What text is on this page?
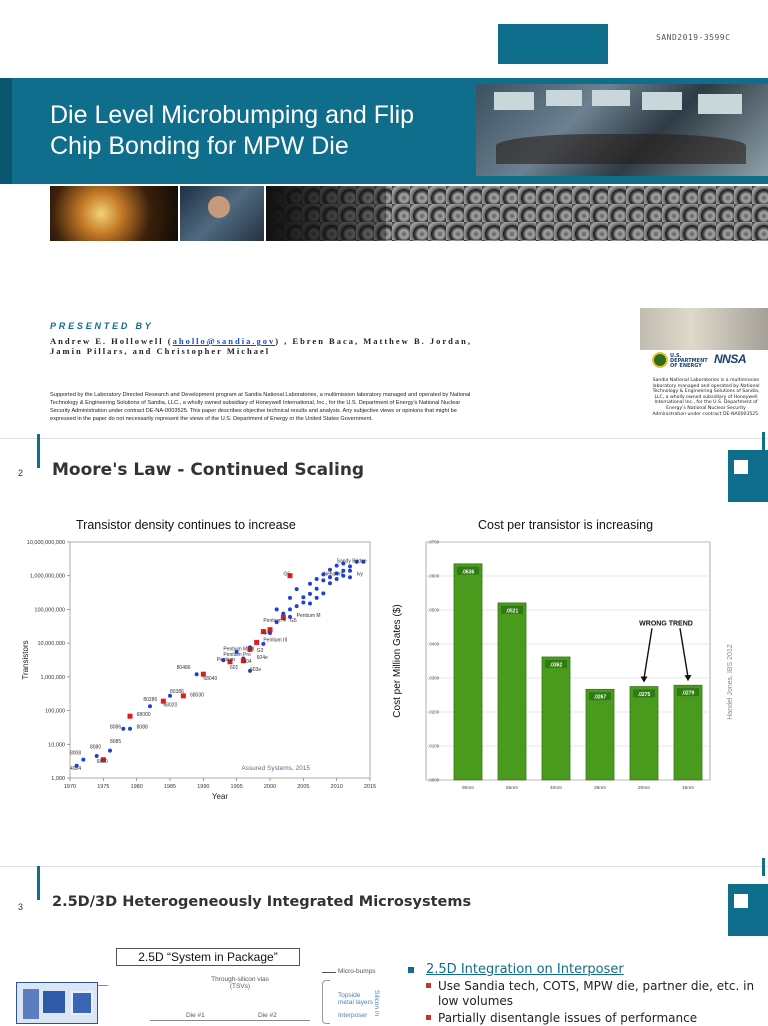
SAND2019-3599C
Die Level Microbumping and Flip Chip Bonding for MPW Die
PRESENTED BY
Andrew E. Hollowell (ahollo@sandia.gov) , Ebren Baca, Matthew B. Jordan, Jamin Pillars, and Christopher Michael
Supported by the Laboratory Directed Research and Development program at Sandia National Laboratories, a multimission laboratory managed and operated by National Technology & Engineering Solutions of Sandia, LLC., a wholly owned subsidiary of Honeywell International, Inc., for the U.S. Department of Energy's National Nuclear Security Administration under contract DE-NA-0003525. This paper describes objective technical results and analysis. Any subjective views or opinions that might be expressed in the paper do not necessarily represent the views of the U.S. Department of Energy or the United States Government.
U.S. DEPARTMENT OF ENERGY	NNSA
Sandia National Laboratories is a multimission laboratory managed and operated by National Technology & Engineering Solutions of Sandia, LLC, a wholly owned subsidiary of Honeywell International Inc., for the U.S. Department of Energy's National Nuclear Security Administration under contract DE-NA0003525.
2 Moore's Law - Continued Scaling
Transistor density continues to increase	Cost per transistor is increasing
1,000
10,000
100,000
1,000,000
10,000,000
100,000,000
1,000,000,000
10,000,000,000
1970	1975	1980	1985	1990	1995	2000	2005	2010	2015
Year
Transistors
Sandy Bridge
G6	Nehalem	Ivy
Pentium M
Pentium 4 G5
G4
Pentium III
Pentium MMX G3
Pentium Pro
604e
Pentium 604
601 603e
80486
68040
80386
68030
80286
68020
68000
8086	8088
8085
8080
8008
6800
4004	Assured Systems, 2015
.0000
.0100
.0200
.0300
.0400
.0500
.0600
.0700
Cost per Million Gates ($)
.0636
90nm
.0521
65nm
.0362
40nm
.0267
28nm
.0275
20nm
.0279
16nm
WRONG TREND
Handel Jones, IBS 2012
3 2.5D/3D Heterogeneously Integrated Microsystems
2.5D “System in Package”
Through-silicon vias (TSVs)
Die #1	Die #2
Micro-bumps
Topside metal layers
Interposer Silicon in
2.5D Integration on Interposer
Use Sandia tech, COTS, MPW die, partner die, etc. in low volumes
Partially disentangle issues of performance
